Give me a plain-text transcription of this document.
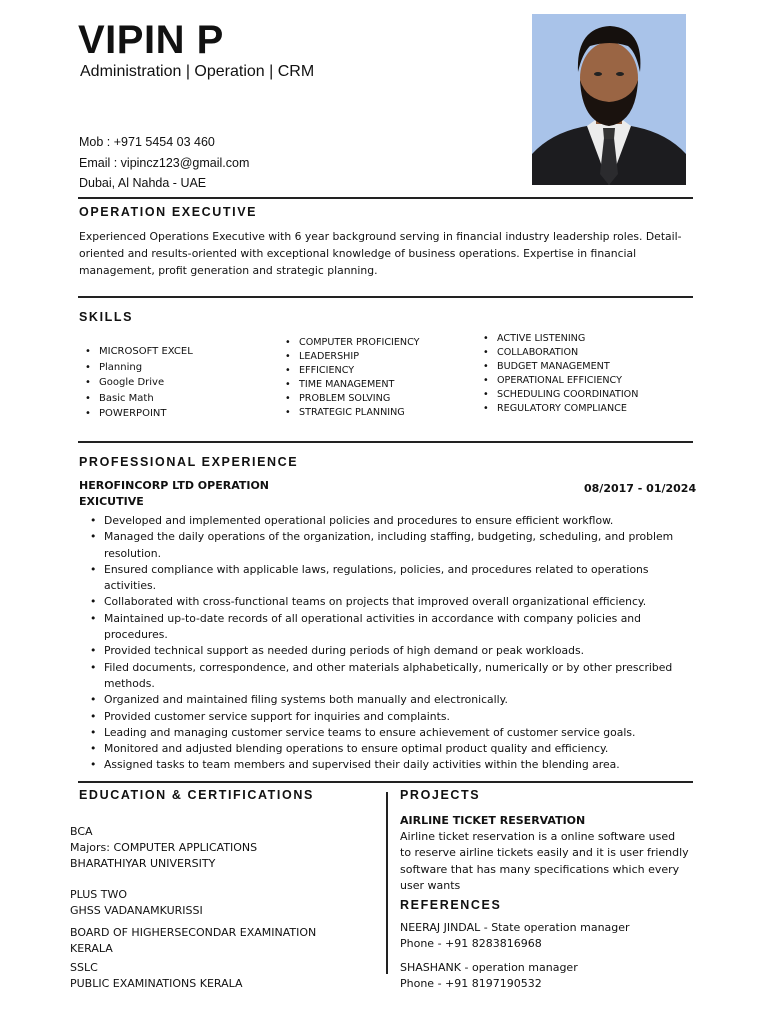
VIPIN P
Administration | Operation | CRM
Mob : +971 5454 03 460
Email : vipincz123@gmail.com
Dubai, Al Nahda - UAE
OPERATION EXECUTIVE
Experienced Operations Executive with 6 year background serving in financial industry leadership roles. Detail-oriented and results-oriented with exceptional knowledge of business operations. Expertise in financial management, profit generation and strategic planning.
SKILLS
• MICROSOFT EXCEL
• Planning
• Google Drive
• Basic Math
• POWERPOINT
• COMPUTER PROFICIENCY
• LEADERSHIP
• EFFICIENCY
• TIME MANAGEMENT
• PROBLEM SOLVING
• STRATEGIC PLANNING
• ACTIVE LISTENING
• COLLABORATION
• BUDGET MANAGEMENT
• OPERATIONAL EFFICIENCY
• SCHEDULING COORDINATION
• REGULATORY COMPLIANCE
PROFESSIONAL EXPERIENCE
HEROFINCORP LTD OPERATION
EXICUTIVE
08/2017 - 01/2024
• Developed and implemented operational policies and procedures to ensure efficient workflow.
• Managed the daily operations of the organization, including staffing, budgeting, scheduling, and problem resolution.
• Ensured compliance with applicable laws, regulations, policies, and procedures related to operations activities.
• Collaborated with cross-functional teams on projects that improved overall organizational efficiency.
• Maintained up-to-date records of all operational activities in accordance with company policies and procedures.
• Provided technical support as needed during periods of high demand or peak workloads.
• Filed documents, correspondence, and other materials alphabetically, numerically or by other prescribed methods.
• Organized and maintained filing systems both manually and electronically.
• Provided customer service support for inquiries and complaints.
• Leading and managing customer service teams to ensure achievement of customer service goals.
• Monitored and adjusted blending operations to ensure optimal product quality and efficiency.
• Assigned tasks to team members and supervised their daily activities within the blending area.
EDUCATION & CERTIFICATIONS	PROJECTS
BCA
Majors: COMPUTER APPLICATIONS
BHARATHIYAR UNIVERSITY
PLUS TWO
GHSS VADANAMKURISSI
BOARD OF HIGHERSECONDAR EXAMINATION
KERALA
SSLC
PUBLIC EXAMINATIONS KERALA
AIRLINE TICKET RESERVATION
Airline ticket reservation is a online software used
to reserve airline tickets easily and it is user friendly
software that has many specifications which every
user wants
REFERENCES
NEERAJ JINDAL - State operation manager
Phone - +91 8283816968
SHASHANK - operation manager
Phone - +91 8197190532
